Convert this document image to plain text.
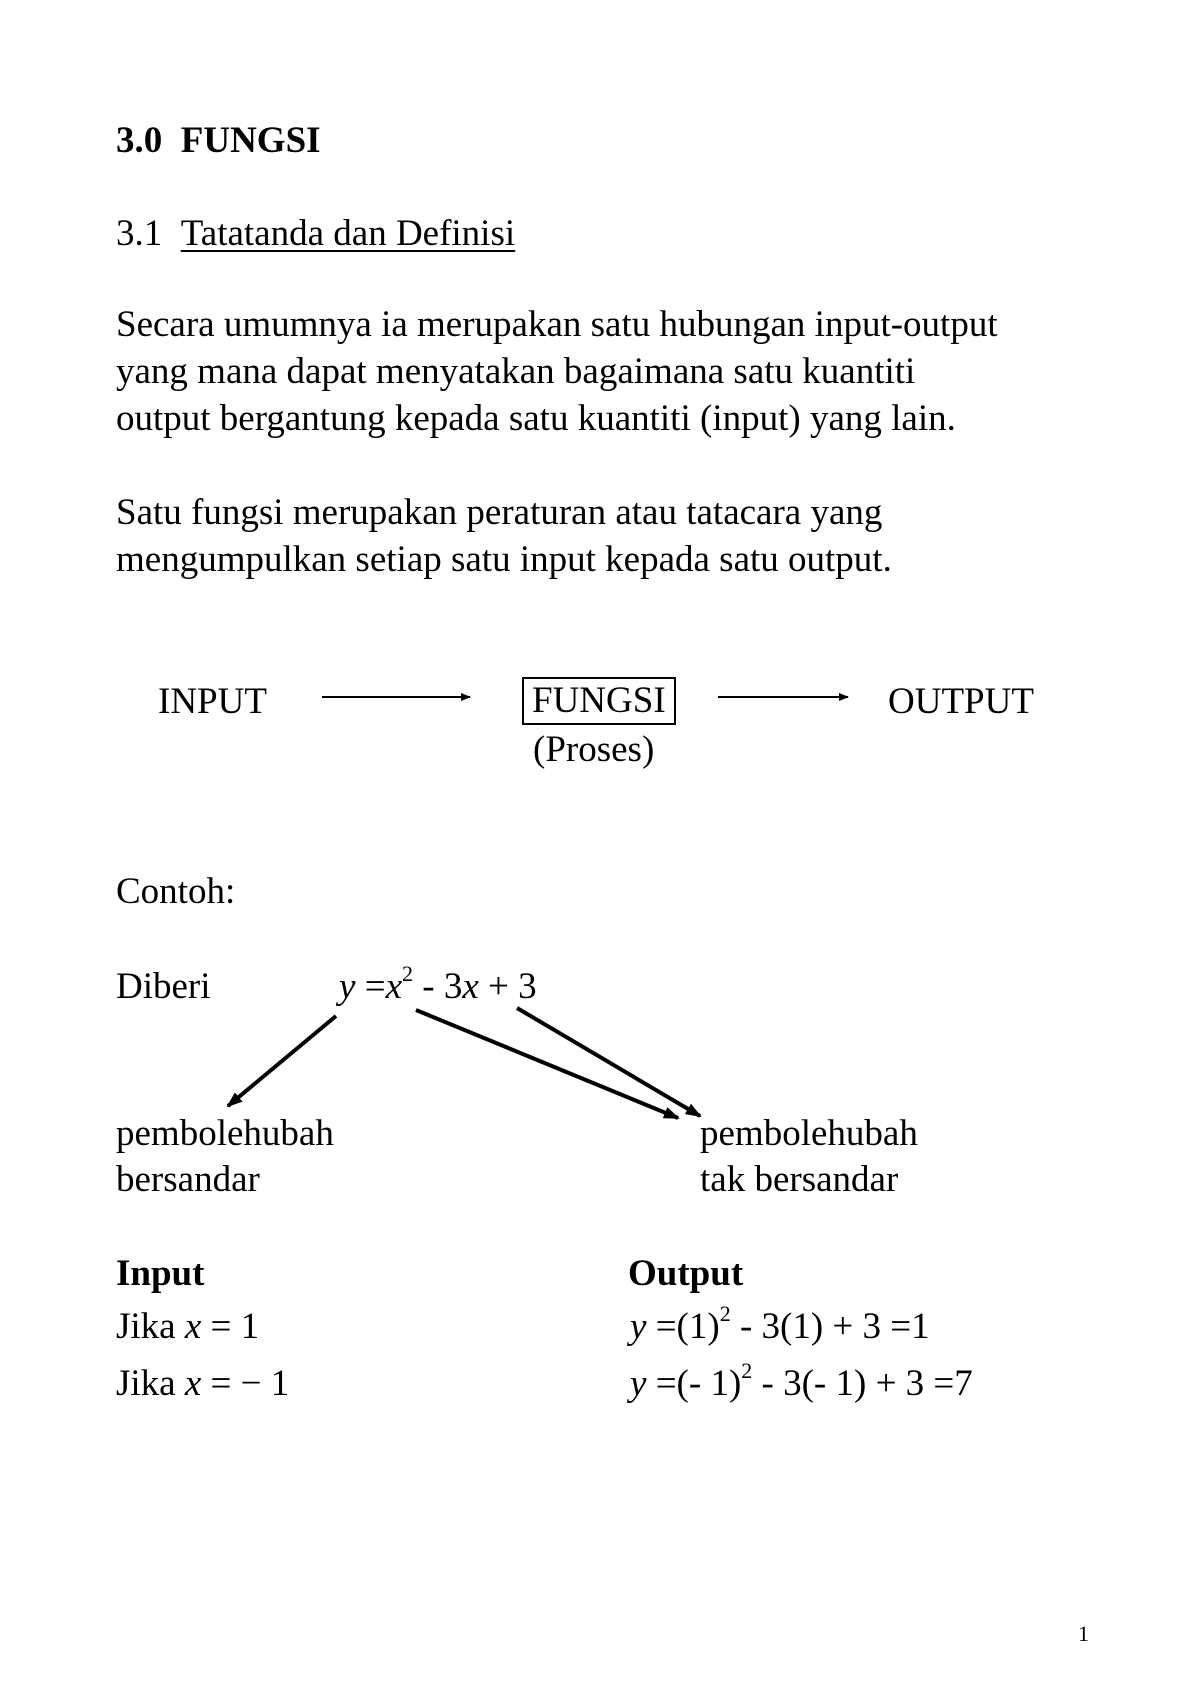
3.0 FUNGSI
3.1 Tatatanda dan Definisi
Secara umumnya ia merupakan satu hubungan input-output
yang mana dapat menyatakan bagaimana satu kuantiti
output bergantung kepada satu kuantiti (input) yang lain.
Satu fungsi merupakan peraturan atau tatacara yang
mengumpulkan setiap satu input kepada satu output.
INPUT	FUNGSI
(Proses)
OUTPUT
Contoh:
Diberi	$y =x^2 - 3x + 3$
pembolehubah
bersandar
pembolehubah
tak bersandar
Input	Output
Jika x = 1	$y =(1)^2 - 3(1) + 3 =1$
Jika x = − 1	y =(- 1)$^2$ - 3(- 1) + 3 =7
1
